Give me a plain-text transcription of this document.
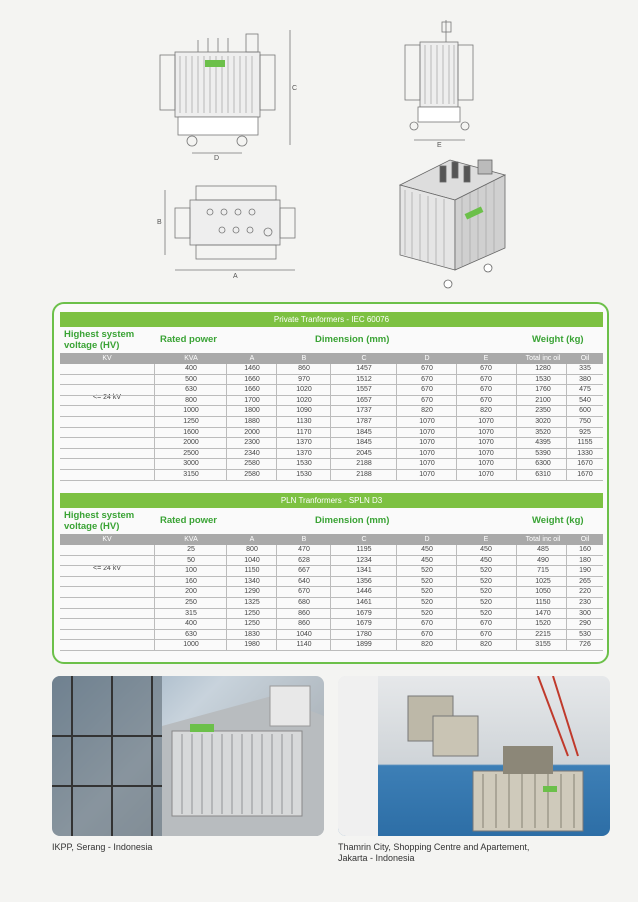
C
D
E
B
A
Private Tranformers - IEC 60076
Highest system voltage (HV)
Rated power	Dimension (mm)	Weight (kg)
KV	KVA	A	B	C	D	E	Total inc oil	Oil
<= 24 kV
400	1460	860	1457	670	670	1280	335
500	1660	970	1512	670	670	1530	380
630	1660	1020	1557	670	670	1760	475
800	1700	1020	1657	670	670	2100	540
1000	1800	1090	1737	820	820	2350	600
1250	1880	1130	1787	1070	1070	3020	750
1600	2000	1170	1845	1070	1070	3520	925
2000	2300	1370	1845	1070	1070	4395	1155
2500	2340	1370	2045	1070	1070	5390	1330
3000	2580	1530	2188	1070	1070	6300	1670
3150	2580	1530	2188	1070	1070	6310	1670
PLN Tranformers - SPLN D3
Highest system voltage (HV)
Rated power	Dimension (mm)	Weight (kg)
KV	KVA	A	B	C	D	E	Total inc oil	Oil
<= 24 kV
25	800	470	1195	450	450	485	160
50	1040	628	1234	450	450	490	180
100	1150	667	1341	520	520	715	190
160	1340	640	1356	520	520	1025	265
200	1290	670	1446	520	520	1050	220
250	1325	680	1461	520	520	1150	230
315	1250	860	1679	520	520	1470	300
400	1250	860	1679	670	670	1520	290
630	1830	1040	1780	670	670	2215	530
1000	1980	1140	1899	820	820	3155	726
IKPP, Serang - Indonesia	Thamrin City, Shopping Centre and Apartement,
Jakarta - Indonesia
